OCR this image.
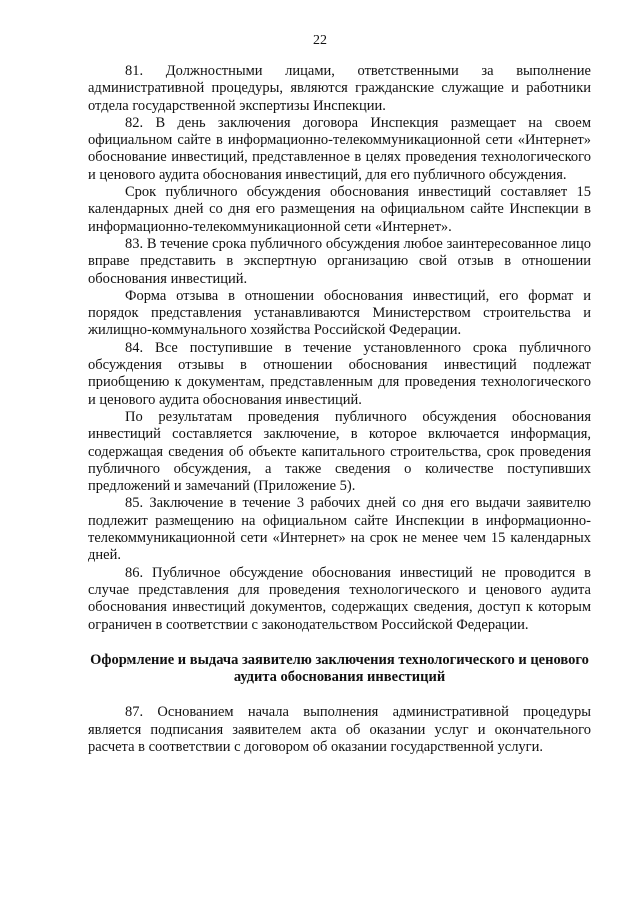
22

81. Должностными лицами, ответственными за выполнение административной процедуры, являются гражданские служащие и работники отдела государственной экспертизы Инспекции.

82. В день заключения договора Инспекция размещает на своем официальном сайте в информационно-телекоммуникационной сети «Интернет» обоснование инвестиций, представленное в целях проведения технологического и ценового аудита обоснования инвестиций, для его публичного обсуждения.

Срок публичного обсуждения обоснования инвестиций составляет 15 календарных дней со дня его размещения на официальном сайте Инспекции в информационно-телекоммуникационной сети «Интернет».

83. В течение срока публичного обсуждения любое заинтересованное лицо вправе представить в экспертную организацию свой отзыв в отношении обоснования инвестиций.

Форма отзыва в отношении обоснования инвестиций, его формат и порядок представления устанавливаются Министерством строительства и жилищно-коммунального хозяйства Российской Федерации.

84. Все поступившие в течение установленного срока публичного обсуждения отзывы в отношении обоснования инвестиций подлежат приобщению к документам, представленным для проведения технологического и ценового аудита обоснования инвестиций.

По результатам проведения публичного обсуждения обоснования инвестиций составляется заключение, в которое включается информация, содержащая сведения об объекте капитального строительства, срок проведения публичного обсуждения, а также сведения о количестве поступивших предложений и замечаний (Приложение 5).

85. Заключение в течение 3 рабочих дней со дня его выдачи заявителю подлежит размещению на официальном сайте Инспекции в информационно-телекоммуникационной сети «Интернет» на срок не менее чем 15 календарных дней.

86. Публичное обсуждение обоснования инвестиций не проводится в случае представления для проведения технологического и ценового аудита обоснования инвестиций документов, содержащих сведения, доступ к которым ограничен в соответствии с законодательством Российской Федерации.

Оформление и выдача заявителю заключения технологического и ценового аудита обоснования инвестиций

87. Основанием начала выполнения административной процедуры является подписания заявителем акта об оказании услуг и окончательного расчета в соответствии с договором об оказании государственной услуги.
